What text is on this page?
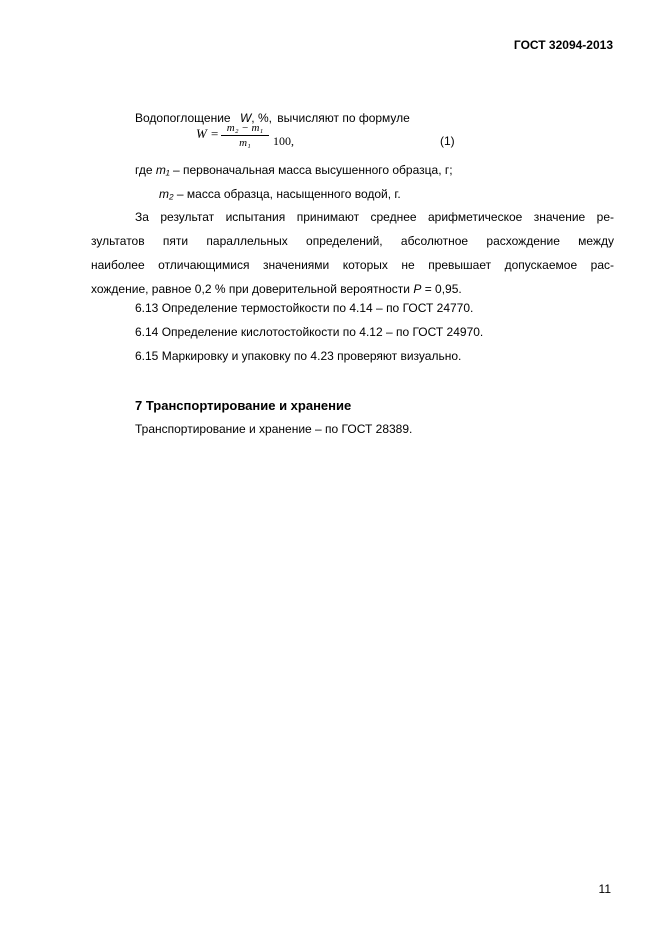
ГОСТ 32094-2013
Водопоглощение W, %, вычисляют по формуле
$W = \frac{\text{m₂ − m₁}}{\text{m₁}} 100$,	(1)
где m₁ – первоначальная масса высушенного образца, г;
m₂ – масса образца, насыщенного водой, г.
За результат испытания принимают среднее арифметическое значение ре-
зультатов пяти параллельных определений, абсолютное расхождение между
наиболее отличающимися значениями которых не превышает допускаемое рас-
хождение, равное 0,2 % при доверительной вероятности P = 0,95.
6.13 Определение термостойкости по 4.14 – по ГОСТ 24770.
6.14 Определение кислотостойкости по 4.12 – по ГОСТ 24970.
6.15 Маркировку и упаковку по 4.23 проверяют визуально.
7 Транспортирование и хранение
Транспортирование и хранение – по ГОСТ 28389.
11
